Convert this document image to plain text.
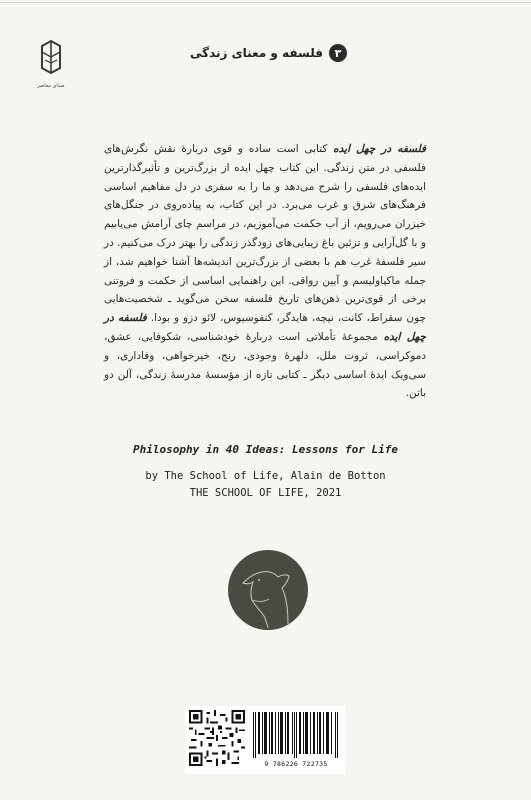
صدای معاصر
۳
فلسفه و معنای زندگی
فلسفه در چهل ایده کتابی است ساده و قوی دربارهٔ نقش نگرش‌های فلسفی در متن زندگی. این کتاب چهل ایده از بزرگ‌ترین و تأثیرگذارترین ایده‌های فلسفی را شرح می‌دهد و ما را به سفری در دل مفاهیم اساسی فرهنگ‌های شرق و غرب می‌برد. در این کتاب، به پیاده‌روی در جنگل‌های خیزران می‌رویم، از آب حکمت می‌آموزیم، در مراسم چای آرامش می‌یابیم و با گل‌آرایی و تزئین باغ زیبایی‌های زودگذر زندگی را بهتر درک می‌کنیم. در سیر فلسفهٔ غرب هم با بعضی از بزرگ‌ترین اندیشه‌ها آشنا خواهیم شد، از جمله ماکیاولیسم و آیین رواقی. این راهنمایی اساسی از حکمت و فروتنی برخی از قوی‌ترین ذهن‌های تاریخ فلسفه سخن می‌گوید ـ شخصیت‌هایی چون سقراط، کانت، نیچه، هایدگر، کنفوسیوس، لائو دزو و بودا. فلسفه در چهل ایده مجموعهٔ تأملاتی است دربارهٔ خودشناسی، شکوفایی، عشق، دموکراسی، ثروت ملل، دلهرهٔ وجودی، رنج، خیرخواهی، وفاداری، و سی‌ویک ایدهٔ اساسی دیگر ـ کتابی تازه از مؤسسهٔ مدرسهٔ زندگی، آلن دو باتن.
Philosophy in 40 Ideas: Lessons for Life
by The School of Life, Alain de Botton
THE SCHOOL OF LIFE, 2021
9 786226 722735
